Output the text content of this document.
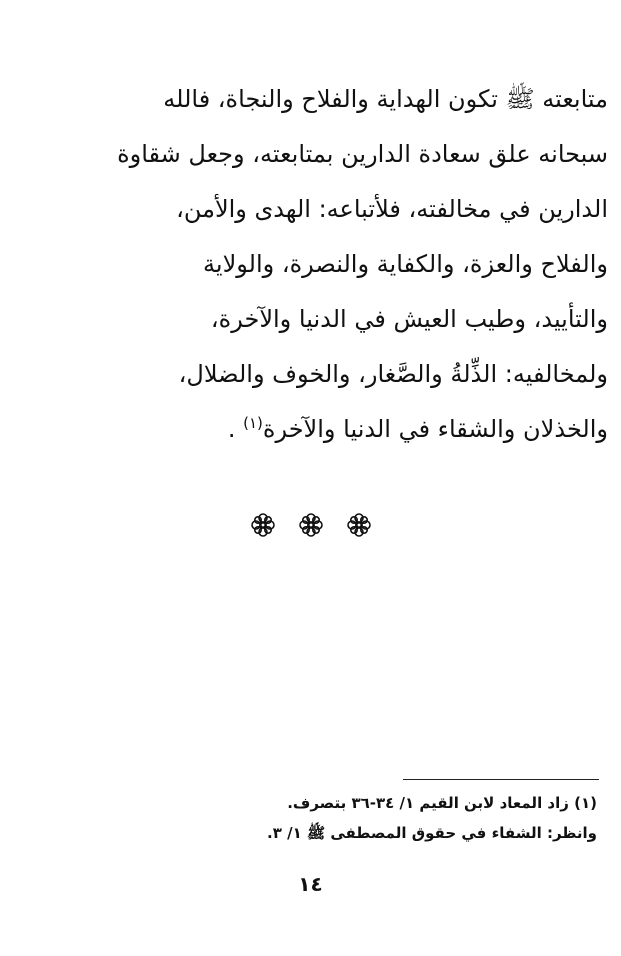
متابعته ﷺ تكون الهداية والفلاح والنجاة، فالله
سبحانه علق سعادة الدارين بمتابعته، وجعل شقاوة
الدارين في مخالفته، فلأتباعه: الهدى والأمن،
والفلاح والعزة، والكفاية والنصرة، والولاية
والتأييد، وطيب العيش في الدنيا والآخرة،
ولمخالفيه: الذِّلةُ والصَّغار، والخوف والضلال،
والخذلان والشقاء في الدنيا والآخرة$^{(١)}$ .
(١) زاد المعاد لابن القيم ١/ ٣٤-٣٦ بتصرف.
وانظر: الشفاء في حقوق المصطفى ﷺ ١/ ٣.
١٤
